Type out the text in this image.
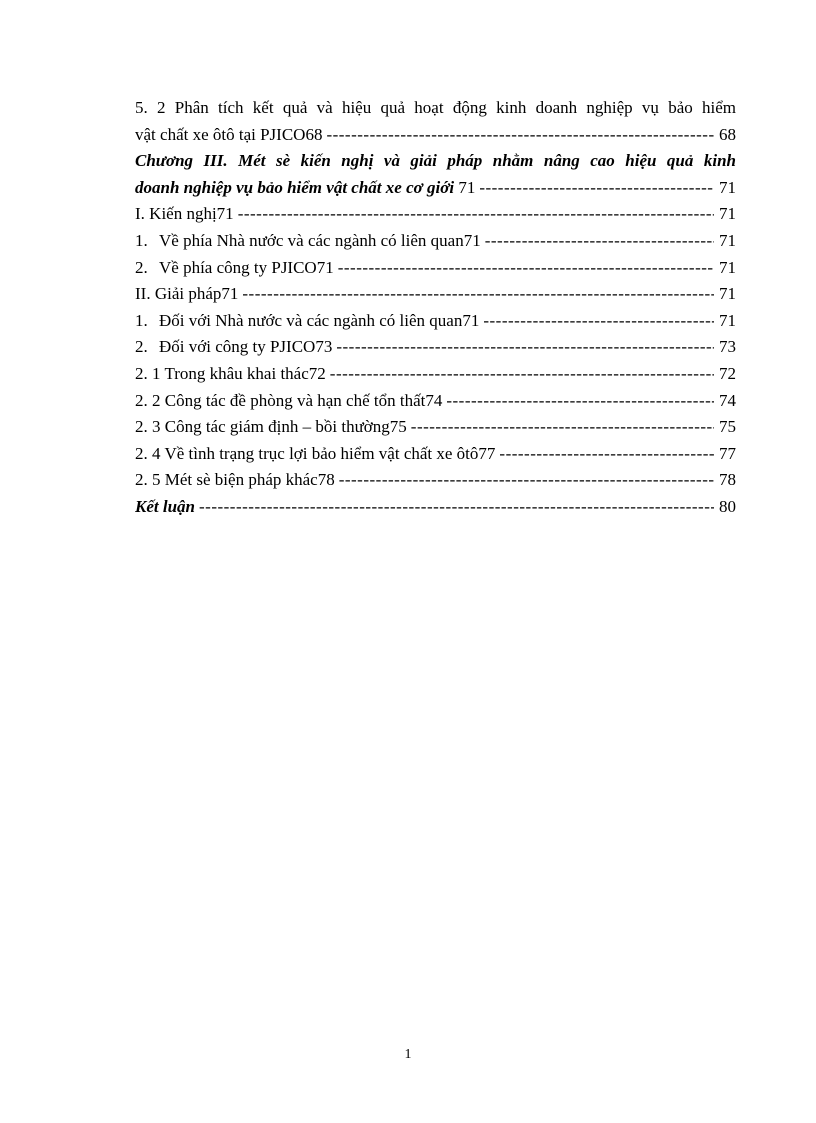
5. 2 Phân tích kết quả và hiệu quả hoạt động kinh doanh nghiệp vụ bảo hiểm
vật chất xe ôtô tại PJICO68 -----	68
Chương III. Mét sè kiến nghị và giải pháp nhằm nâng cao hiệu quả kinh
doanh nghiệp vụ bảo hiểm vật chất xe cơ giới 71 -----	71
I. Kiến nghị71 -----	71
1. Về phía Nhà nước và các ngành có liên quan71 -----	71
2. Về phía công ty PJICO71 -----	71
II. Giải pháp71 -----	71
1. Đối với Nhà nước và các ngành có liên quan71 -----	71
2. Đối với công ty PJICO73 -----	73
2. 1 Trong khâu khai thác72 -----	72
2. 2 Công tác đề phòng và hạn chế tổn thất74 -----	74
2. 3 Công tác giám định – bồi thường75 -----	75
2. 4 Về tình trạng trục lợi bảo hiểm vật chất xe ôtô77 -----	77
2. 5 Mét sè biện pháp khác78 -----	78
Kết luận -----	80
1
